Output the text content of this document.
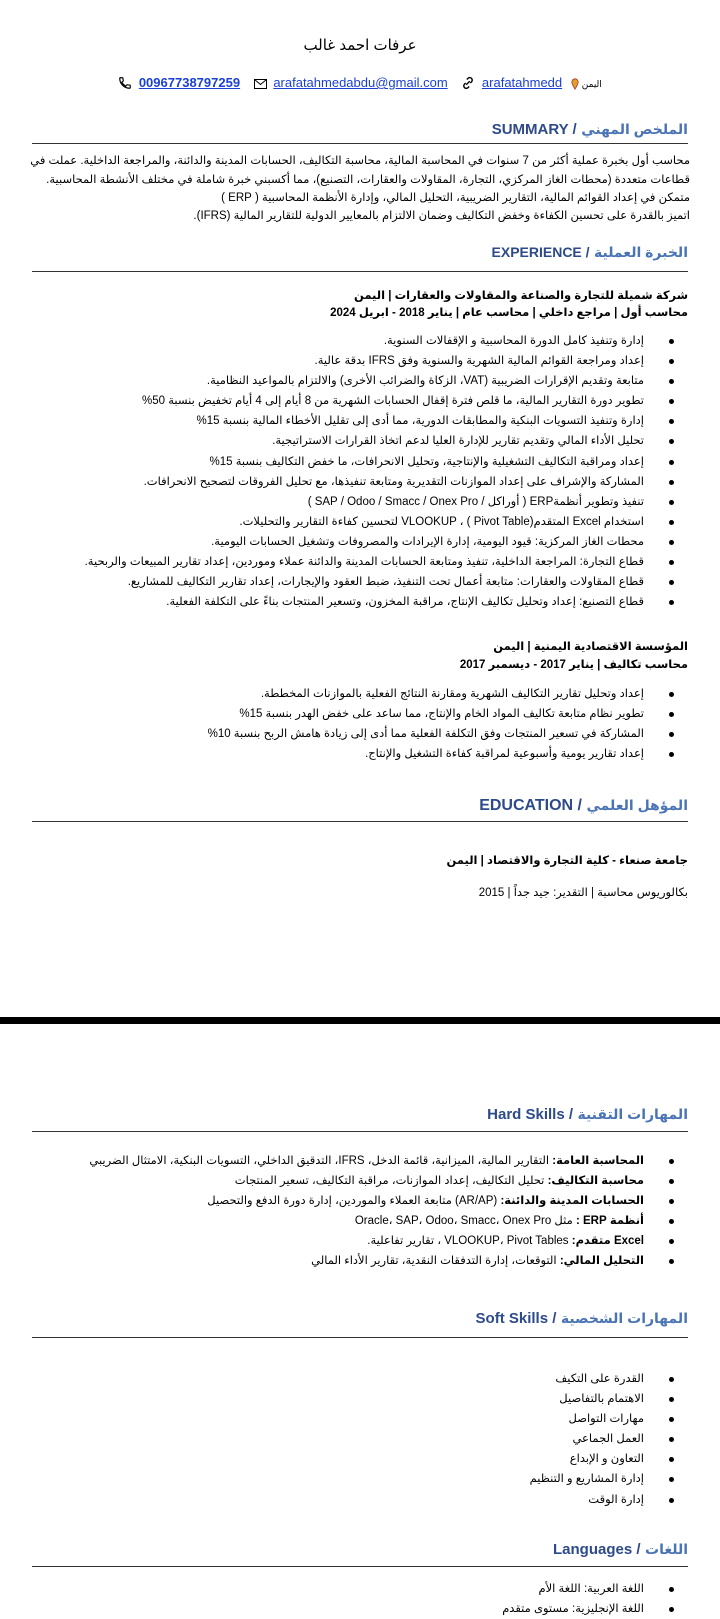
عرفات احمد غالب
00967738797259	arafatahmedabdu@gmail.com	arafatahmedd اليمن
SUMMARY / الملخص المهني
محاسب أول بخبرة عملية أكثر من 7 سنوات في المحاسبة المالية، محاسبة التكاليف، الحسابات المدينة والدائنة، والمراجعة الداخلية. عملت في قطاعات متعددة (محطات الغاز المركزي، التجارة، المقاولات والعقارات، التصنيع)، مما أكسبني خبرة شاملة في مختلف الأنشطة المحاسبية. متمكن في إعداد القوائم المالية، التقارير الضريبية، التحليل المالي، وإدارة الأنظمة المحاسبية ( ERP )
اتميز بالقدرة على تحسين الكفاءة وخفض التكاليف وضمان الالتزام بالمعايير الدولية للتقارير المالية (IFRS).
EXPERIENCE / الخبرة العملية
شركة شميلة للتجارة والصناعة والمقاولات والعقارات | اليمن
محاسب أول | مراجع داخلي | محاسب عام | يناير 2018 - ابريل 2024
إدارة وتنفيذ كامل الدورة المحاسبية و الإقفالات السنوية.
إعداد ومراجعة القوائم المالية الشهرية والسنوية وفق IFRS بدقة عالية.
متابعة وتقديم الإقرارات الضريبية (VAT، الزكاة والضرائب الأخرى) والالتزام بالمواعيد النظامية.
تطوير دورة التقارير المالية، ما قلص فترة إقفال الحسابات الشهرية من 8 أيام إلى 4 أيام تخفيض بنسبة 50%
إدارة وتنفيذ التسويات البنكية والمطابقات الدورية، مما أدى إلى تقليل الأخطاء المالية بنسبة 15%
تحليل الأداء المالي وتقديم تقارير للإدارة العليا لدعم اتخاذ القرارات الاستراتيجية.
إعداد ومراقبة التكاليف التشغيلية والإنتاجية، وتحليل الانحرافات، ما خفض التكاليف بنسبة 15%
المشاركة والإشراف على إعداد الموازنات التقديرية ومتابعة تنفيذها، مع تحليل الفروقات لتصحيح الانحرافات.
تنفيذ وتطوير أنظمةERP ( أوراكل / SAP / Odoo / Smacc / Onex Pro )
استخدام Excel المتقدمVLOOKUP ، ( Pivot Table) لتحسين كفاءة التقارير والتحليلات.
محطات الغاز المركزية: قيود اليومية، إدارة الإيرادات والمصروفات وتشغيل الحسابات اليومية.
قطاع التجارة: المراجعة الداخلية، تنفيذ ومتابعة الحسابات المدينة والدائنة عملاء وموردين، إعداد تقارير المبيعات والربحية.
قطاع المقاولات والعقارات: متابعة أعمال تحت التنفيذ، ضبط العقود والإيجارات، إعداد تقارير التكاليف للمشاريع.
قطاع التصنيع: إعداد وتحليل تكاليف الإنتاج، مراقبة المخزون، وتسعير المنتجات بناءً على التكلفة الفعلية.
المؤسسة الاقتصادية اليمنية | اليمن
محاسب تكاليف | يناير 2017 - ديسمبر 2017
إعداد وتحليل تقارير التكاليف الشهرية ومقارنة النتائج الفعلية بالموازنات المخططة.
تطوير نظام متابعة تكاليف المواد الخام والإنتاج، مما ساعد على خفض الهدر بنسبة 15%
المشاركة في تسعير المنتجات وفق التكلفة الفعلية مما أدى إلى زيادة هامش الربح بنسبة 10%
إعداد تقارير يومية وأسبوعية لمراقبة كفاءة التشغيل والإنتاج.
EDUCATION / المؤهل العلمي
جامعة صنعاء - كلية التجارة والاقتصاد | اليمن
بكالوريوس محاسبة | التقدير: جيد جداً | 2015
Hard Skills / المهارات التقنية
المحاسبة العامة: التقارير المالية، الميزانية، قائمة الدخل، IFRS، التدقيق الداخلي، التسويات البنكية، الامتثال الضريبي
محاسبة التكاليف: تحليل التكاليف، إعداد الموازنات، مراقبة التكاليف، تسعير المنتجات
الحسابات المدينة والدائنة: (AR/AP) متابعة العملاء والموردين، إدارة دورة الدفع والتحصيل
أنظمة ERP : مثل Oracle، SAP، Odoo، Smacc، Onex Pro
Excel متقدم: VLOOKUP، Pivot Tables ، تقارير تفاعلية.
التحليل المالي: التوقعات، إدارة التدفقات النقدية، تقارير الأداء المالي
Soft Skills / المهارات الشخصية
القدرة على التكيف
الاهتمام بالتفاصيل
مهارات التواصل
العمل الجماعي
التعاون و الإبداع
إدارة المشاريع و التنظيم
إدارة الوقت
Languages / اللغات
اللغة العربية: اللغة الأم
اللغة الإنجليزية: مستوى متقدم
